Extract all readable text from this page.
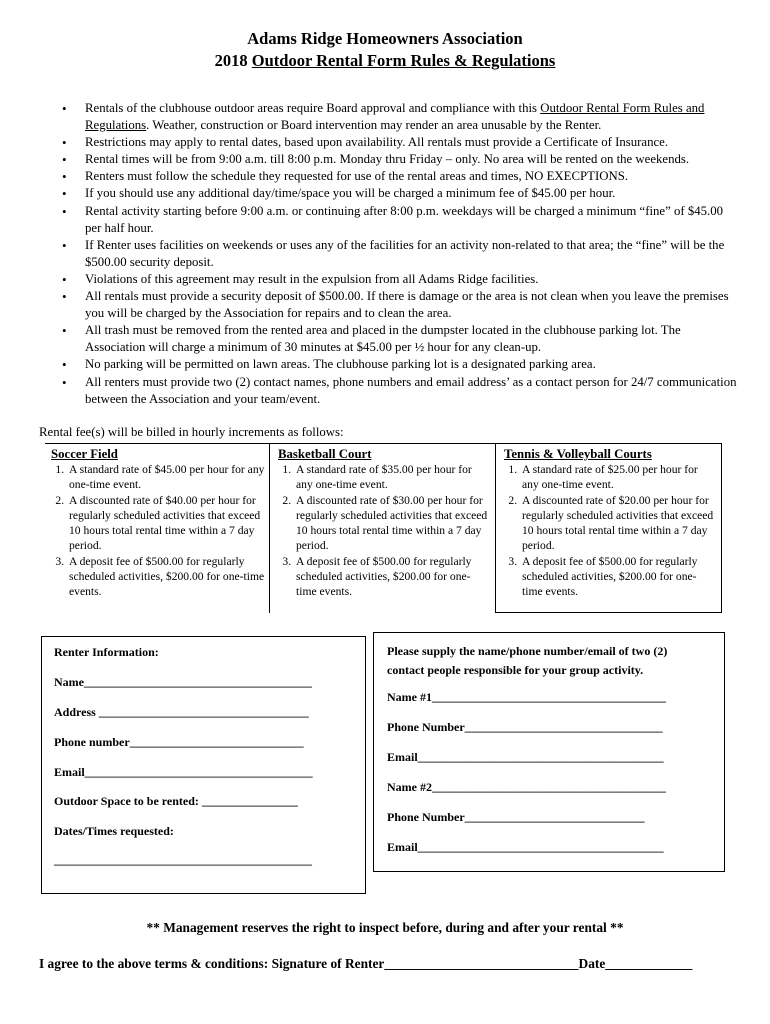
Adams Ridge Homeowners Association
2018 Outdoor Rental Form Rules & Regulations
• Rentals of the clubhouse outdoor areas require Board approval and compliance with this Outdoor Rental Form Rules and Regulations. Weather, construction or Board intervention may render an area unusable by the Renter.
• Restrictions may apply to rental dates, based upon availability. All rentals must provide a Certificate of Insurance.
• Rental times will be from 9:00 a.m. till 8:00 p.m. Monday thru Friday – only. No area will be rented on the weekends.
• Renters must follow the schedule they requested for use of the rental areas and times, NO EXECPTIONS.
• If you should use any additional day/time/space you will be charged a minimum fee of $45.00 per hour.
• Rental activity starting before 9:00 a.m. or continuing after 8:00 p.m. weekdays will be charged a minimum “fine” of $45.00 per half hour.
• If Renter uses facilities on weekends or uses any of the facilities for an activity non-related to that area; the “fine” will be the $500.00 security deposit.
• Violations of this agreement may result in the expulsion from all Adams Ridge facilities.
• All rentals must provide a security deposit of $500.00. If there is damage or the area is not clean when you leave the premises you will be charged by the Association for repairs and to clean the area.
• All trash must be removed from the rented area and placed in the dumpster located in the clubhouse parking lot. The Association will charge a minimum of 30 minutes at $45.00 per ½ hour for any clean-up.
• No parking will be permitted on lawn areas. The clubhouse parking lot is a designated parking area.
• All renters must provide two (2) contact names, phone numbers and email address’ as a contact person for 24/7 communication between the Association and your team/event.
Rental fee(s) will be billed in hourly increments as follows:
Soccer Field
1. A standard rate of $45.00 per hour for any one-time event.
2. A discounted rate of $40.00 per hour for regularly scheduled activities that exceed 10 hours total rental time within a 7 day period.
3. A deposit fee of $500.00 for regularly scheduled activities, $200.00 for one-time events.
Basketball Court
1. A standard rate of $35.00 per hour for any one-time event.
2. A discounted rate of $30.00 per hour for regularly scheduled activities that exceed 10 hours total rental time within a 7 day period.
3. A deposit fee of $500.00 for regularly scheduled activities, $200.00 for one-time events.
Tennis & Volleyball Courts
1. A standard rate of $25.00 per hour for any one-time event.
2. A discounted rate of $20.00 per hour for regularly scheduled activities that exceed 10 hours total rental time within a 7 day period.
3. A deposit fee of $500.00 for regularly scheduled activities, $200.00 for one-time events.
Renter Information:
Name______________________________________
Address ___________________________________
Phone number_____________________________
Email______________________________________
Outdoor Space to be rented: ________________
Dates/Times requested:
___________________________________________
Please supply the name/phone number/email of two (2) contact people responsible for your group activity.
Name #1_______________________________________
Phone Number_________________________________
Email_________________________________________
Name #2_______________________________________
Phone Number______________________________
Email_________________________________________
** Management reserves the right to inspect before, during and after your rental **
I agree to the above terms & conditions: Signature of Renter_____________________________Date_____________
